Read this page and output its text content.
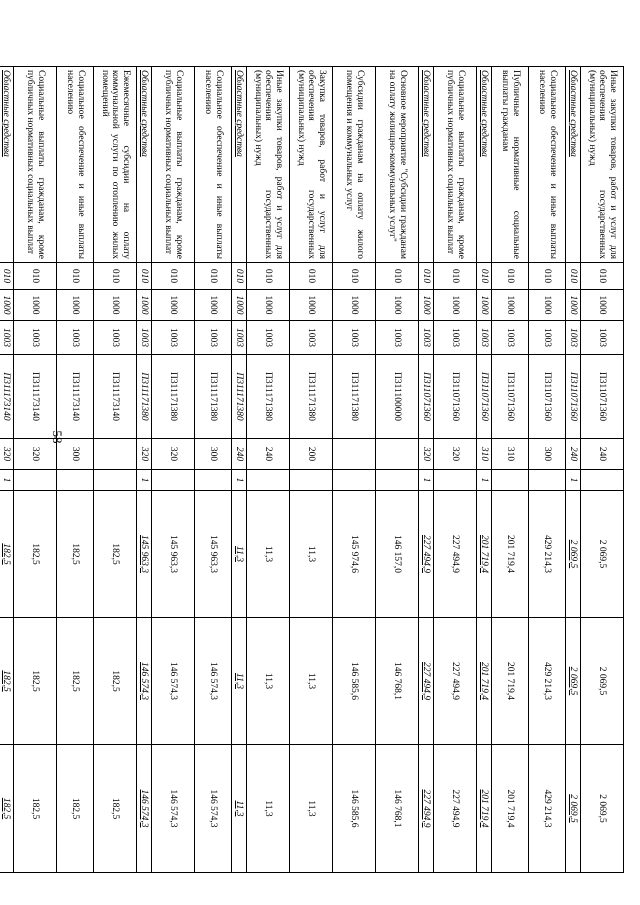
58
Иные закупки товаров, работ и услуг для обеспечения государственных (муниципальных) нужд	010	1000	1003	П311071360	240		2 069,5	2 069,5	2 069,5
Областные средства	010	1000	1003	П311071360	240	1	2 069,5	2 069,5	2 069,5
Социальное обеспечение и иные выплаты населению	010	1000	1003	П311071360	300		429 214,3	429 214,3	429 214,3
Публичные нормативные социальные выплаты гражданам	010	1000	1003	П311071360	310		201 719,4	201 719,4	201 719,4
Областные средства	010	1000	1003	П311071360	310	1	201 719,4	201 719,4	201 719,4
Социальные выплаты гражданам, кроме публичных нормативных социальных выплат	010	1000	1003	П311071360	320		227 494,9	227 494,9	227 494,9
Областные средства	010	1000	1003	П311071360	320	1	227 494,9	227 494,9	227 494,9
Основное мероприятие "Субсидии гражданам на оплату жилищно-коммунальных услуг"	010	1000	1003	П311100000			146 157,0	146 768,1	146 768,1
Субсидии гражданам на оплату жилого помещения и коммунальных услуг	010	1000	1003	П311171380			145 974,6	146 585,6	146 585,6
Закупка товаров, работ и услуг для обеспечения государственных (муниципальных) нужд	010	1000	1003	П311171380	200		11,3	11,3	11,3
Иные закупки товаров, работ и услуг для обеспечения государственных (муниципальных) нужд	010	1000	1003	П311171380	240		11,3	11,3	11,3
Областные средства	010	1000	1003	П311171380	240	1	11,3	11,3	11,3
Социальное обеспечение и иные выплаты населению	010	1000	1003	П311171380	300		145 963,3	146 574,3	146 574,3
Социальные выплаты гражданам, кроме публичных нормативных социальных выплат	010	1000	1003	П311171380	320		145 963,3	146 574,3	146 574,3
Областные средства	010	1000	1003	П311171380	320	1	145 963,3	146 574,3	146 574,3
Ежемесячные субсидии на оплату коммунальной услуги по отоплению жилых помещений	010	1000	1003	П311173140			182,5	182,5	182,5
Социальное обеспечение и иные выплаты населению	010	1000	1003	П311173140	300		182,5	182,5	182,5
Социальные выплаты гражданам, кроме публичных нормативных социальных выплат	010	1000	1003	П311173140	320		182,5	182,5	182,5
Областные средства	010	1000	1003	П311173140	320	1	182,5	182,5	182,5
